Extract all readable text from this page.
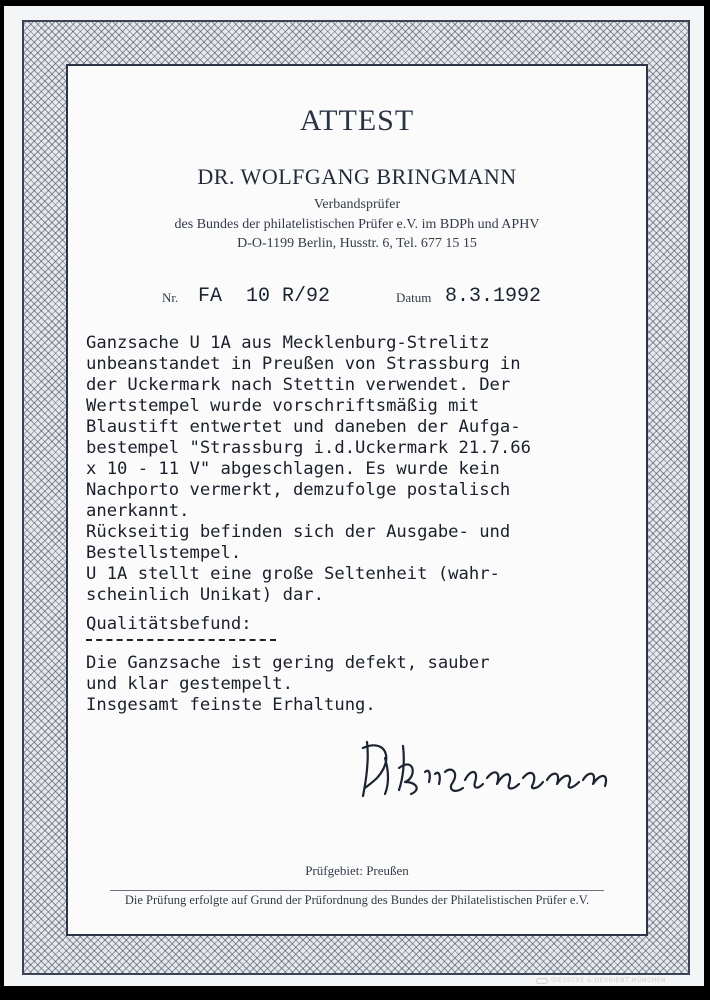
ATTEST
DR. WOLFGANG BRINGMANN
Verbandsprüfer
des Bundes der philatelistischen Prüfer e.V. im BDPh und APHV
D-O-1199 Berlin, Husstr. 6, Tel. 677 15 15
Nr. FA  10 R/92	Datum 8.3.1992
Ganzsache U 1A aus Mecklenburg-Strelitz
unbeanstandet in Preußen von Strassburg in
der Uckermark nach Stettin verwendet. Der
Wertstempel wurde vorschriftsmäßig mit
Blaustift entwertet und daneben der Aufga-
bestempel "Strassburg i.d.Uckermark 21.7.66
x 10 - 11 V" abgeschlagen. Es wurde kein
Nachporto vermerkt, demzufolge postalisch
anerkannt.
Rückseitig befinden sich der Ausgabe- und
Bestellstempel.
U 1A stellt eine große Seltenheit (wahr-
scheinlich Unikat) dar.
Qualitätsbefund:
Die Ganzsache ist gering defekt, sauber
und klar gestempelt.
Insgesamt feinste Erhaltung.
Prüfgebiet: Preußen
Die Prüfung erfolgte auf Grund der Prüfordnung des Bundes der Philatelistischen Prüfer e.V.
GIESECKE & DEVRIENT MÜNCHEN
